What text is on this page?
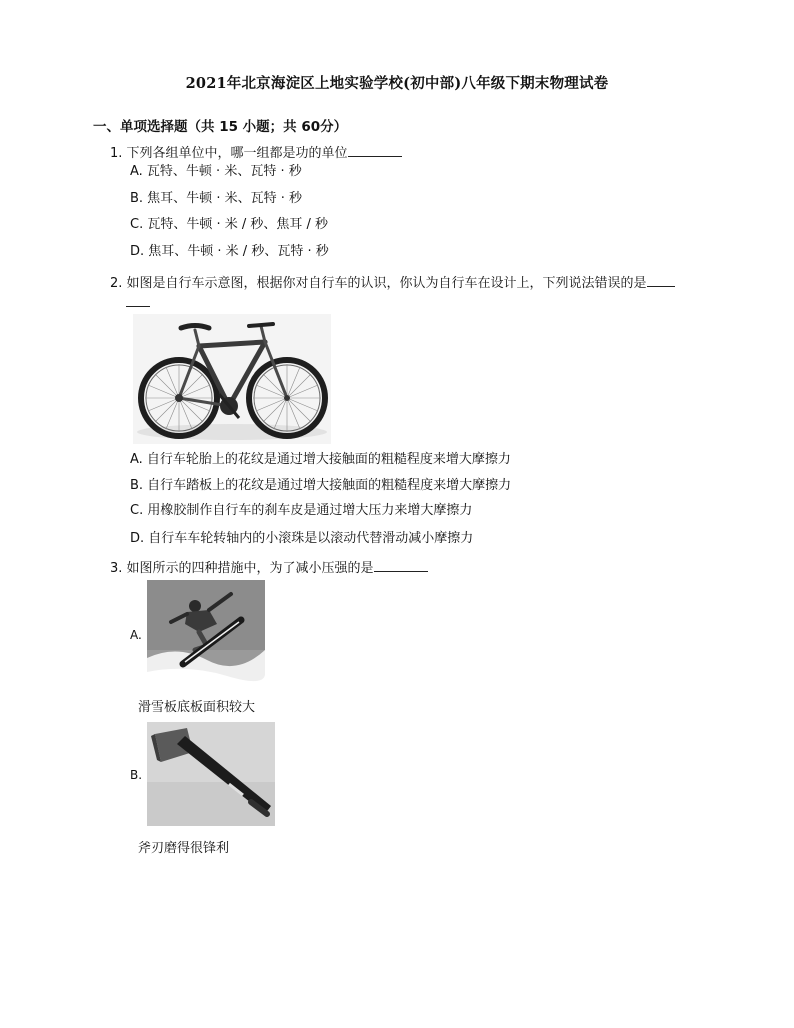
2021年北京海淀区上地实验学校(初中部)八年级下期末物理试卷
一、单项选择题（共 15 小题；共 60分）
1. 下列各组单位中，哪一组都是功的单位
A. 瓦特、牛顿 · 米、瓦特 · 秒
B. 焦耳、牛顿 · 米、瓦特 · 秒
C. 瓦特、牛顿 · 米 / 秒、焦耳 / 秒
D. 焦耳、牛顿 · 米 / 秒、瓦特 · 秒
2. 如图是自行车示意图，根据你对自行车的认识，你认为自行车在设计上，下列说法错误的是
A. 自行车轮胎上的花纹是通过增大接触面的粗糙程度来增大摩擦力
B. 自行车踏板上的花纹是通过增大接触面的粗糙程度来增大摩擦力
C. 用橡胶制作自行车的刹车皮是通过增大压力来增大摩擦力
D. 自行车车轮转轴内的小滚珠是以滚动代替滑动减小摩擦力
3. 如图所示的四种措施中，为了减小压强的是
A.
滑雪板底板面积较大
B.
斧刃磨得很锋利
